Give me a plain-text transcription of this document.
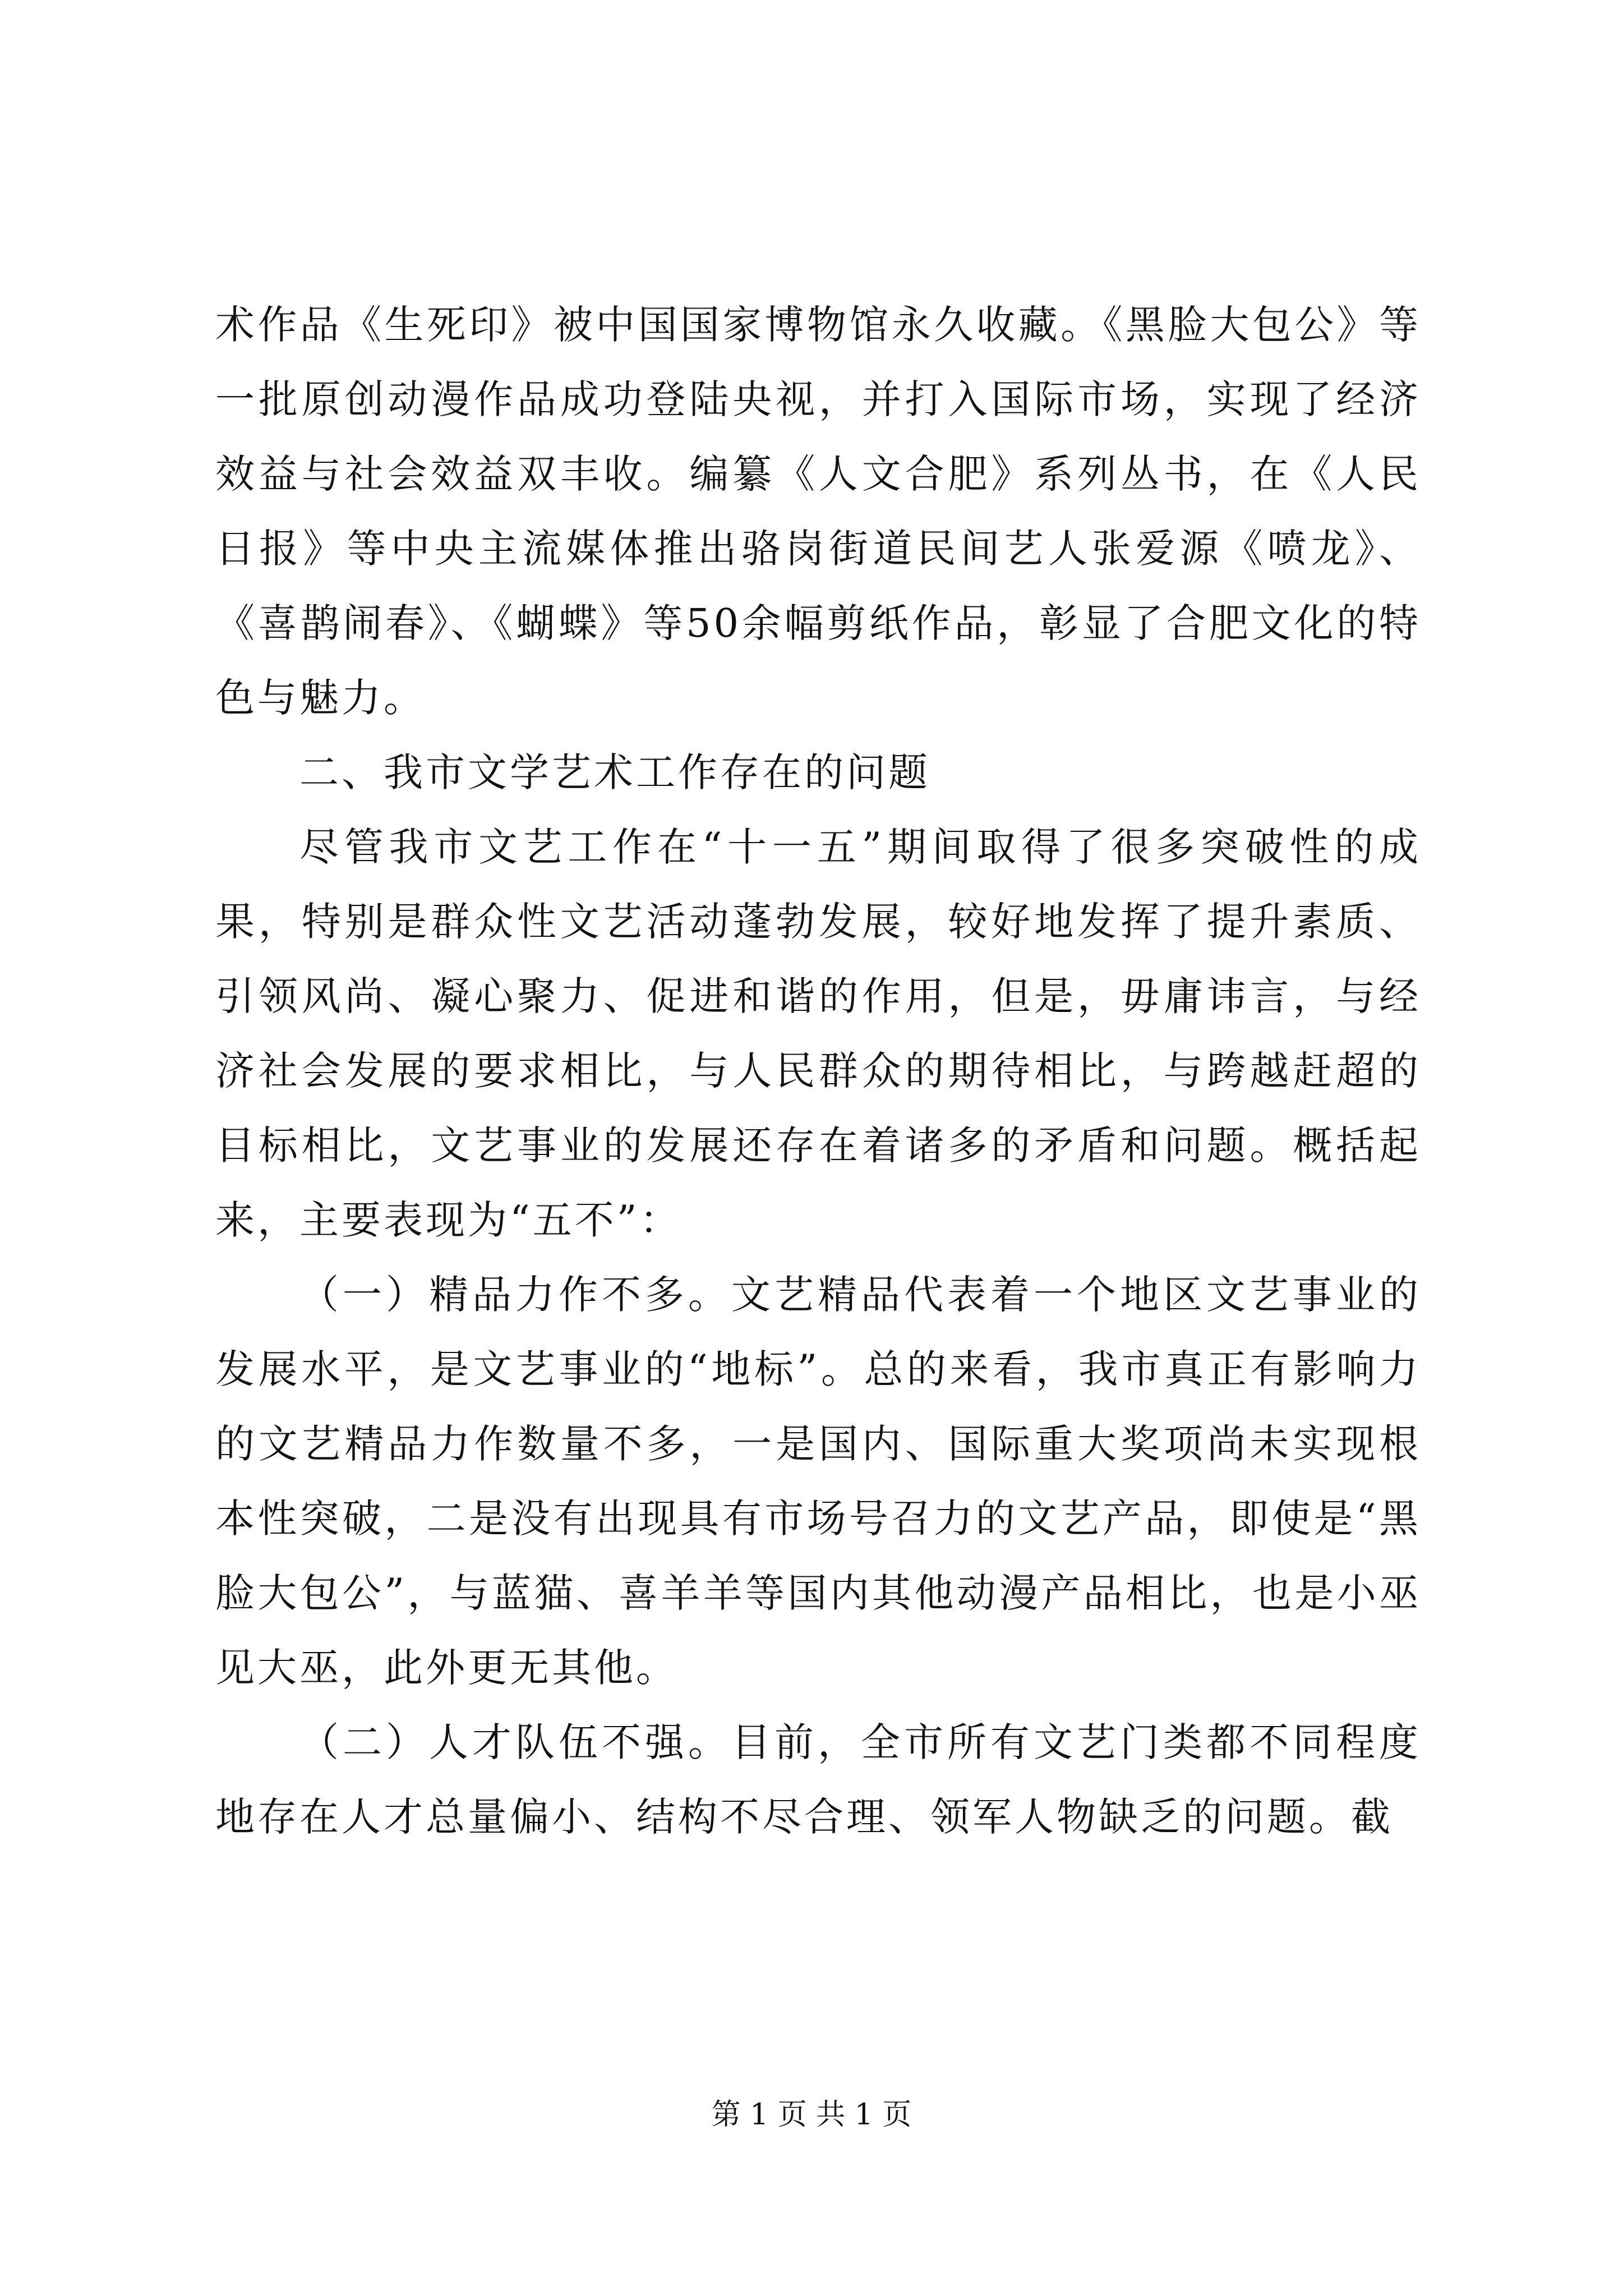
术作品《生死印》被中国国家博物馆永久收藏。《黑脸大包公》等一批原创动漫作品成功登陆央视，并打入国际市场，实现了经济效益与社会效益双丰收。编纂《人文合肥》系列丛书，在《人民日报》等中央主流媒体推出骆岗街道民间艺人张爱源《喷龙》、《喜鹊闹春》、《蝴蝶》等50余幅剪纸作品，彰显了合肥文化的特色与魅力。

二、我市文学艺术工作存在的问题

尽管我市文艺工作在“十一五”期间取得了很多突破性的成果，特别是群众性文艺活动蓬勃发展，较好地发挥了提升素质、引领风尚、凝心聚力、促进和谐的作用，但是，毋庸讳言，与经济社会发展的要求相比，与人民群众的期待相比，与跨越赶超的目标相比，文艺事业的发展还存在着诸多的矛盾和问题。概括起来，主要表现为“五不”：

（一）精品力作不多。文艺精品代表着一个地区文艺事业的发展水平，是文艺事业的“地标”。总的来看，我市真正有影响力的文艺精品力作数量不多，一是国内、国际重大奖项尚未实现根本性突破，二是没有出现具有市场号召力的文艺产品，即使是“黑脸大包公”，与蓝猫、喜羊羊等国内其他动漫产品相比，也是小巫见大巫，此外更无其他。

（二）人才队伍不强。目前，全市所有文艺门类都不同程度地存在人才总量偏小、结构不尽合理、领军人物缺乏的问题。截

第 1 页 共 1 页
